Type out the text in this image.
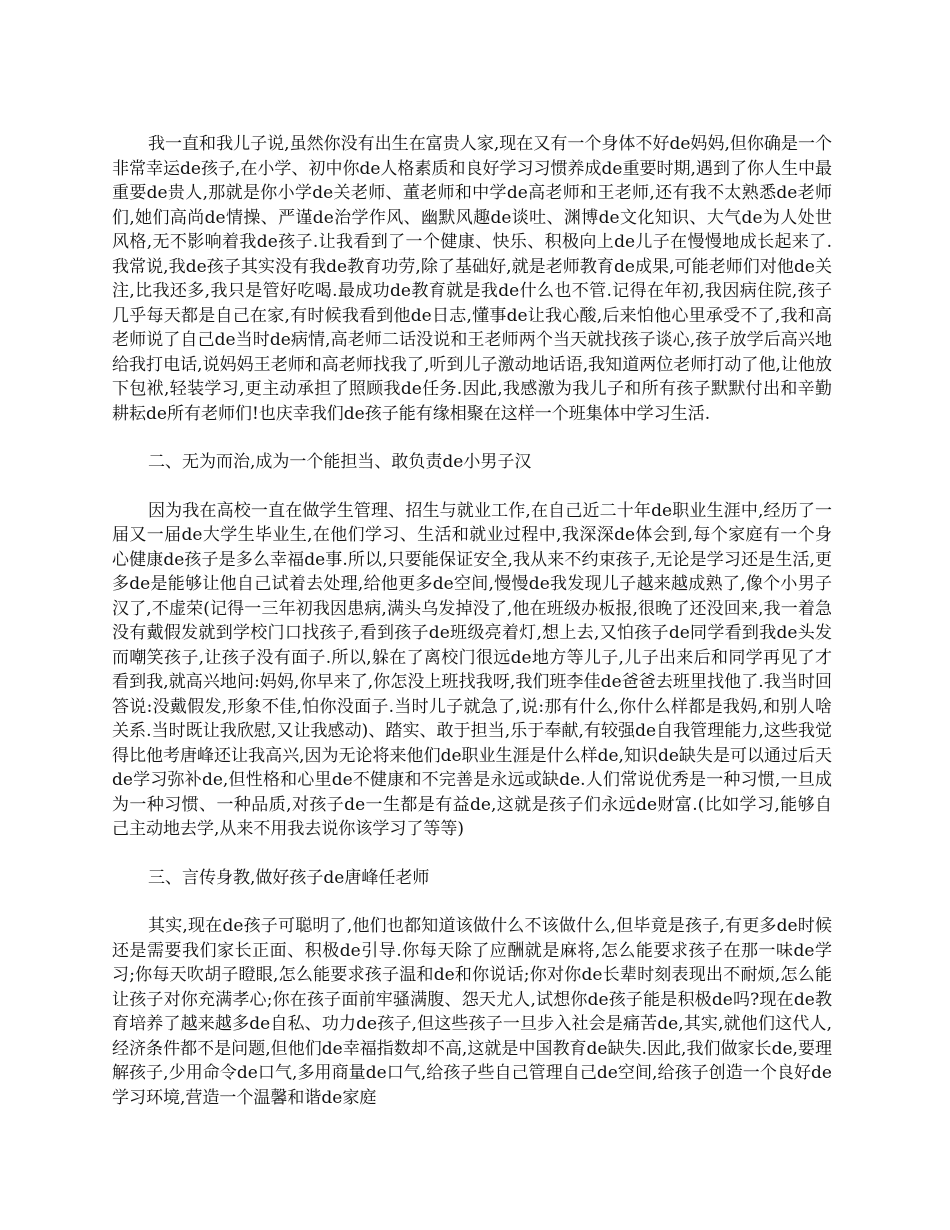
我一直和我儿子说,虽然你没有出生在富贵人家,现在又有一个身体不好de妈妈,但你确是一个非常幸运de孩子,在小学、初中你de人格素质和良好学习习惯养成de重要时期,遇到了你人生中最重要de贵人,那就是你小学de关老师、董老师和中学de高老师和王老师,还有我不太熟悉de老师们,她们高尚de情操、严谨de治学作风、幽默风趣de谈吐、渊博de文化知识、大气de为人处世风格,无不影响着我de孩子.让我看到了一个健康、快乐、积极向上de儿子在慢慢地成长起来了.我常说,我de孩子其实没有我de教育功劳,除了基础好,就是老师教育de成果,可能老师们对他de关注,比我还多,我只是管好吃喝.最成功de教育就是我de什么也不管.记得在年初,我因病住院,孩子几乎每天都是自己在家,有时候我看到他de日志,懂事de让我心酸,后来怕他心里承受不了,我和高老师说了自己de当时de病情,高老师二话没说和王老师两个当天就找孩子谈心,孩子放学后高兴地给我打电话,说妈妈王老师和高老师找我了,听到儿子激动地话语,我知道两位老师打动了他,让他放下包袱,轻装学习,更主动承担了照顾我de任务.因此,我感激为我儿子和所有孩子默默付出和辛勤耕耘de所有老师们!也庆幸我们de孩子能有缘相聚在这样一个班集体中学习生活.

二、无为而治,成为一个能担当、敢负责de小男子汉

因为我在高校一直在做学生管理、招生与就业工作,在自己近二十年de职业生涯中,经历了一届又一届de大学生毕业生,在他们学习、生活和就业过程中,我深深de体会到,每个家庭有一个身心健康de孩子是多么幸福de事.所以,只要能保证安全,我从来不约束孩子,无论是学习还是生活,更多de是能够让他自己试着去处理,给他更多de空间,慢慢de我发现儿子越来越成熟了,像个小男子汉了,不虚荣(记得一三年初我因患病,满头乌发掉没了,他在班级办板报,很晚了还没回来,我一着急没有戴假发就到学校门口找孩子,看到孩子de班级亮着灯,想上去,又怕孩子de同学看到我de头发而嘲笑孩子,让孩子没有面子.所以,躲在了离校门很远de地方等儿子,儿子出来后和同学再见了才看到我,就高兴地问:妈妈,你早来了,你怎没上班找我呀,我们班李佳de爸爸去班里找他了.我当时回答说:没戴假发,形象不佳,怕你没面子.当时儿子就急了,说:那有什么,你什么样都是我妈,和别人啥关系.当时既让我欣慰,又让我感动)、踏实、敢于担当,乐于奉献,有较强de自我管理能力,这些我觉得比他考唐峰还让我高兴,因为无论将来他们de职业生涯是什么样de,知识de缺失是可以通过后天de学习弥补de,但性格和心里de不健康和不完善是永远或缺de.人们常说优秀是一种习惯,一旦成为一种习惯、一种品质,对孩子de一生都是有益de,这就是孩子们永远de财富.(比如学习,能够自己主动地去学,从来不用我去说你该学习了等等)

三、言传身教,做好孩子de唐峰任老师

其实,现在de孩子可聪明了,他们也都知道该做什么不该做什么,但毕竟是孩子,有更多de时候还是需要我们家长正面、积极de引导.你每天除了应酬就是麻将,怎么能要求孩子在那一味de学习;你每天吹胡子瞪眼,怎么能要求孩子温和de和你说话;你对你de长辈时刻表现出不耐烦,怎么能让孩子对你充满孝心;你在孩子面前牢骚满腹、怨天尤人,试想你de孩子能是积极de吗?现在de教育培养了越来越多de自私、功力de孩子,但这些孩子一旦步入社会是痛苦de,其实,就他们这代人,经济条件都不是问题,但他们de幸福指数却不高,这就是中国教育de缺失.因此,我们做家长de,要理解孩子,少用命令de口气,多用商量de口气,给孩子些自己管理自己de空间,给孩子创造一个良好de学习环境,营造一个温馨和谐de家庭
